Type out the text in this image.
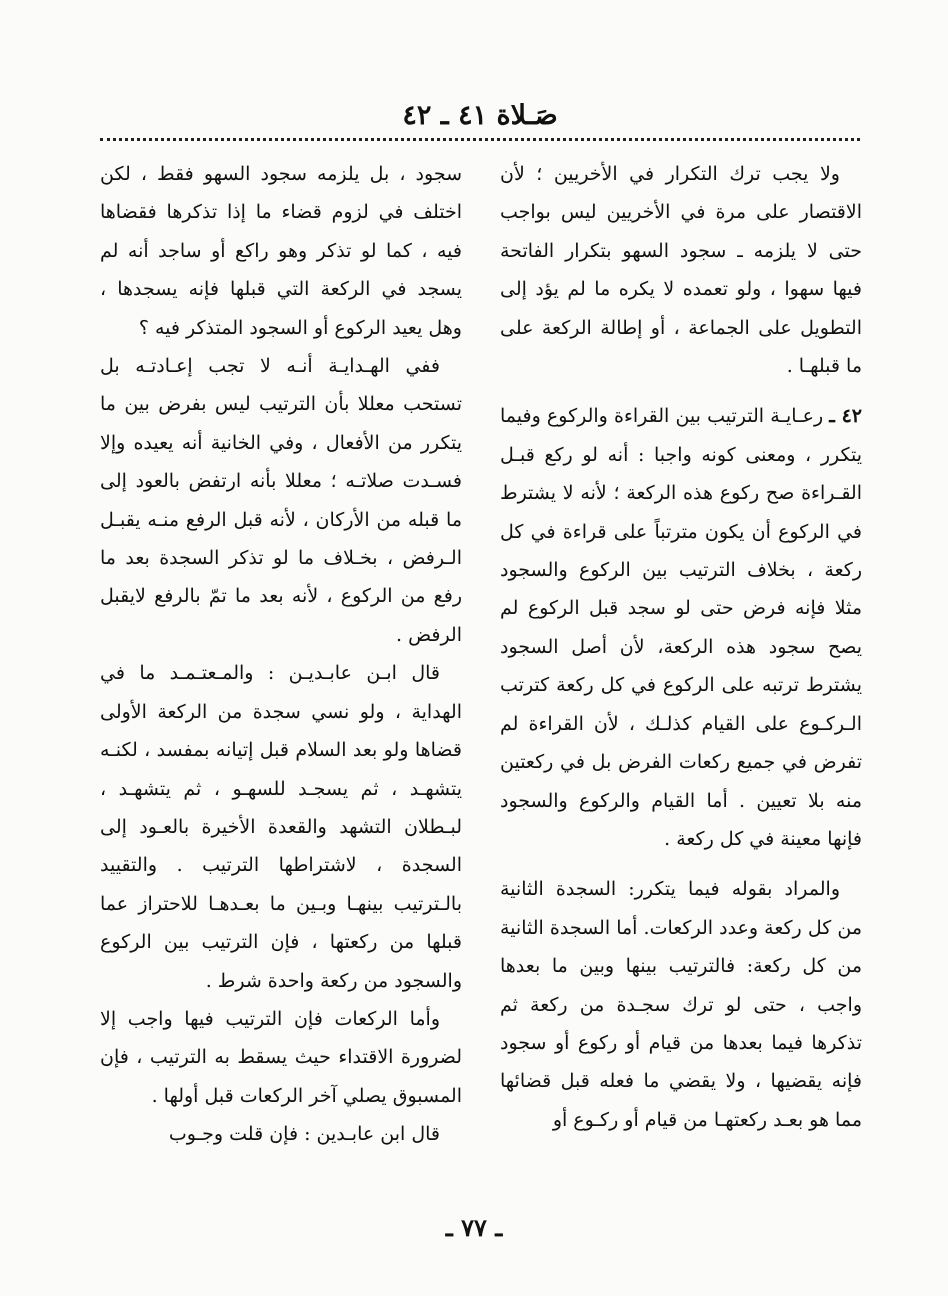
صَـلاة ٤١ ـ ٤٢

ولا يجب ترك التكرار في الأخريين ؛ لأن الاقتصار على مرة في الأخريين ليس بواجب حتى لا يلزمه ـ سجود السهو بتكرار الفاتحة فيها سهوا ، ولو تعمده لا يكره ما لم يؤد إلى التطويل على الجماعة ، أو إطالة الركعة على ما قبلهـا .

٤٢ ـ رعـايـة الترتيب بين القراءة والركوع وفيما يتكرر ، ومعنى كونه واجبا : أنه لو ركع قبـل القـراءة صح ركوع هذه الركعة ؛ لأنه لا يشترط في الركوع أن يكون مترتباً على قراءة في كل ركعة ، بخلاف الترتيب بين الركوع والسجود مثلا فإنه فرض حتى لو سجد قبل الركوع لم يصح سجود هذه الركعة، لأن أصل السجود يشترط ترتبه على الركوع في كل ركعة كترتب الـركـوع على القيام كذلـك ، لأن القراءة لم تفرض في جميع ركعات الفرض بل في ركعتين منه بلا تعيين . أما القيام والركوع والسجود فإنها معينة في كل ركعة .

والمراد بقوله فيما يتكرر: السجدة الثانية من كل ركعة وعدد الركعات. أما السجدة الثانية من كل ركعة: فالترتيب بينها وبين ما بعدها واجب ، حتى لو ترك سجـدة من ركعة ثم تذكرها فيما بعدها من قيام أو ركوع أو سجود فإنه يقضيها ، ولا يقضي ما فعله قبل قضائها مما هو بعـد ركعتهـا من قيام أو ركـوع أو

سجود ، بل يلزمه سجود السهو فقط ، لكن اختلف في لزوم قضاء ما إذا تذكرها فقضاها فيه ، كما لو تذكر وهو راكع أو ساجد أنه لم يسجد في الركعة التي قبلها فإنه يسجدها ، وهل يعيد الركوع أو السجود المتذكر فيه ؟

ففي الهـدايـة أنـه لا تجب إعـادتـه بل تستحب معللا بأن الترتيب ليس بفرض بين ما يتكرر من الأفعال ، وفي الخانية أنه يعيده وإلا فسـدت صلاتـه ؛ معللا بأنه ارتفض بالعود إلى ما قبله من الأركان ، لأنه قبل الرفع منـه يقبـل الـرفض ، بخـلاف ما لو تذكر السجدة بعد ما رفع من الركوع ، لأنه بعد ما تمّ بالرفع لايقبل الرفض .

قال ابـن عابـديـن : والمـعتـمـد ما في الهداية ، ولو نسي سجدة من الركعة الأولى قضاها ولو بعد السلام قبل إتيانه بمفسد ، لكنـه يتشهـد ، ثم يسجـد للسهـو ، ثم يتشهـد ، لبـطلان التشهد والقعدة الأخيرة بالعـود إلى السجدة ، لاشتراطها الترتيب . والتقييد بالـترتيب بينهـا وبـين ما بعـدهـا للاحتراز عما قبلها من ركعتها ، فإن الترتيب بين الركوع والسجود من ركعة واحدة شرط .

وأما الركعات فإن الترتيب فيها واجب إلا لضرورة الاقتداء حيث يسقط به الترتيب ، فإن المسبوق يصلي آخر الركعات قبل أولها .

قال ابن عابـدين : فإن قلت وجـوب

ـ ٧٧ ـ
